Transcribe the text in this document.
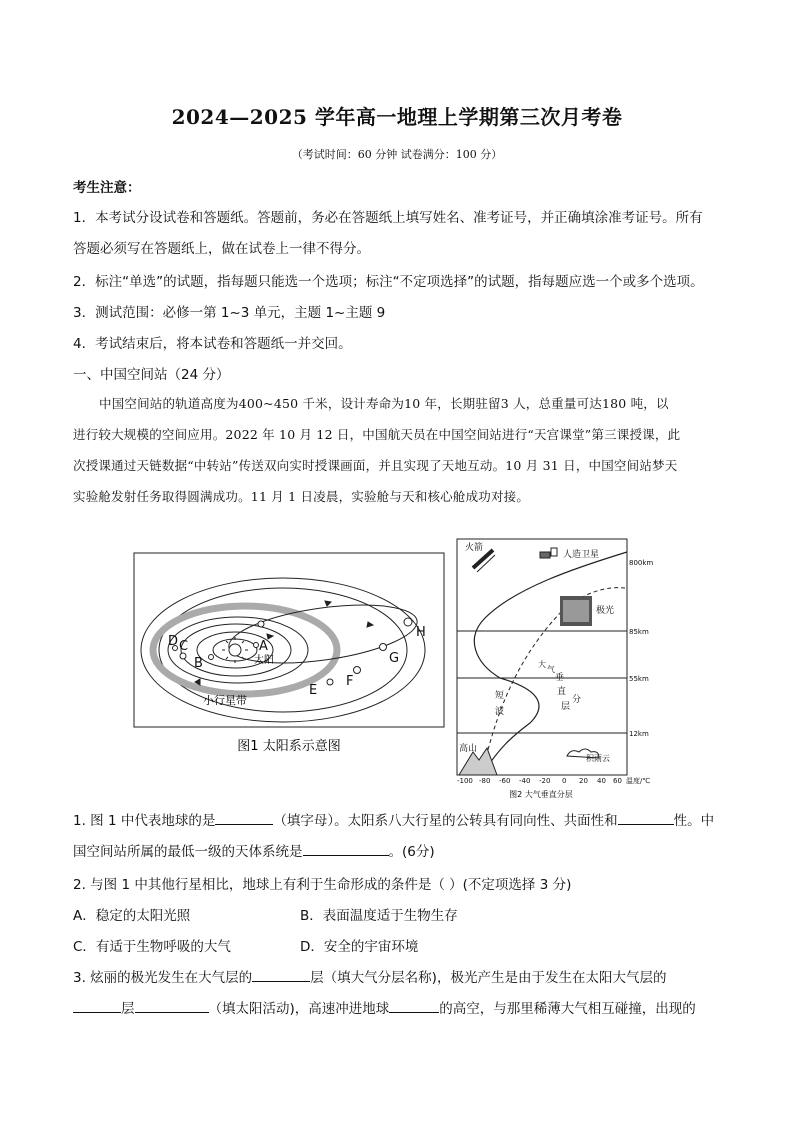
2024—2025 学年高一地理上学期第三次月考卷
（考试时间：60 分钟 试卷满分：100 分）
考生注意：
1．本考试分设试卷和答题纸。答题前，务必在答题纸上填写姓名、准考证号，并正确填涂准考证号。所有
答题必须写在答题纸上，做在试卷上一律不得分。
2．标注“单选”的试题，指每题只能选一个选项；标注“不定项选择”的试题，指每题应选一个或多个选项。
3．测试范围：必修一第 1~3 单元，主题 1~主题 9
4．考试结束后，将本试卷和答题纸一并交回。
一、中国空间站（24 分）
中国空间站的轨道高度为400~450 千米，设计寿命为10 年，长期驻留3 人，总重量可达180 吨，以
进行较大规模的空间应用。2022 年 10 月 12 日，中国航天员在中国空间站进行“天宫课堂”第三课授课，此
次授课通过天链数据“中转站”传送双向实时授课画面，并且实现了天地互动。10 月 31 日，中国空间站梦天
实验舱发射任务取得圆满成功。11 月 1 日凌晨，实验舱与天和核心舱成功对接。
A
B
C
D
E
F
G
H
太阳
小行星带
图1 太阳系示意图
火箭
人造卫星
极光
短
波
大
气
垂
直
分
层
高山
积雨云
800km
85km
55km
12km
-100 -80 -60 -40 -20 0 20 40 60 温度/℃
图2 大气垂直分层
1. 图 1 中代表地球的是	（填字母）。太阳系八大行星的公转具有同向性、共面性和	性。中
国空间站所属的最低一级的天体系统是	。(6分)
2. 与图 1 中其他行星相比，地球上有利于生命形成的条件是（ ）(不定项选择 3 分)
A．稳定的太阳光照	B．表面温度适于生物生存
C．有适于生物呼吸的大气	D．安全的宇宙环境
3. 炫丽的极光发生在大气层的	层（填大气分层名称)，极光产生是由于发生在太阳大气层的
层	（填太阳活动)，高速冲进地球	的高空，与那里稀薄大气相互碰撞，出现的
